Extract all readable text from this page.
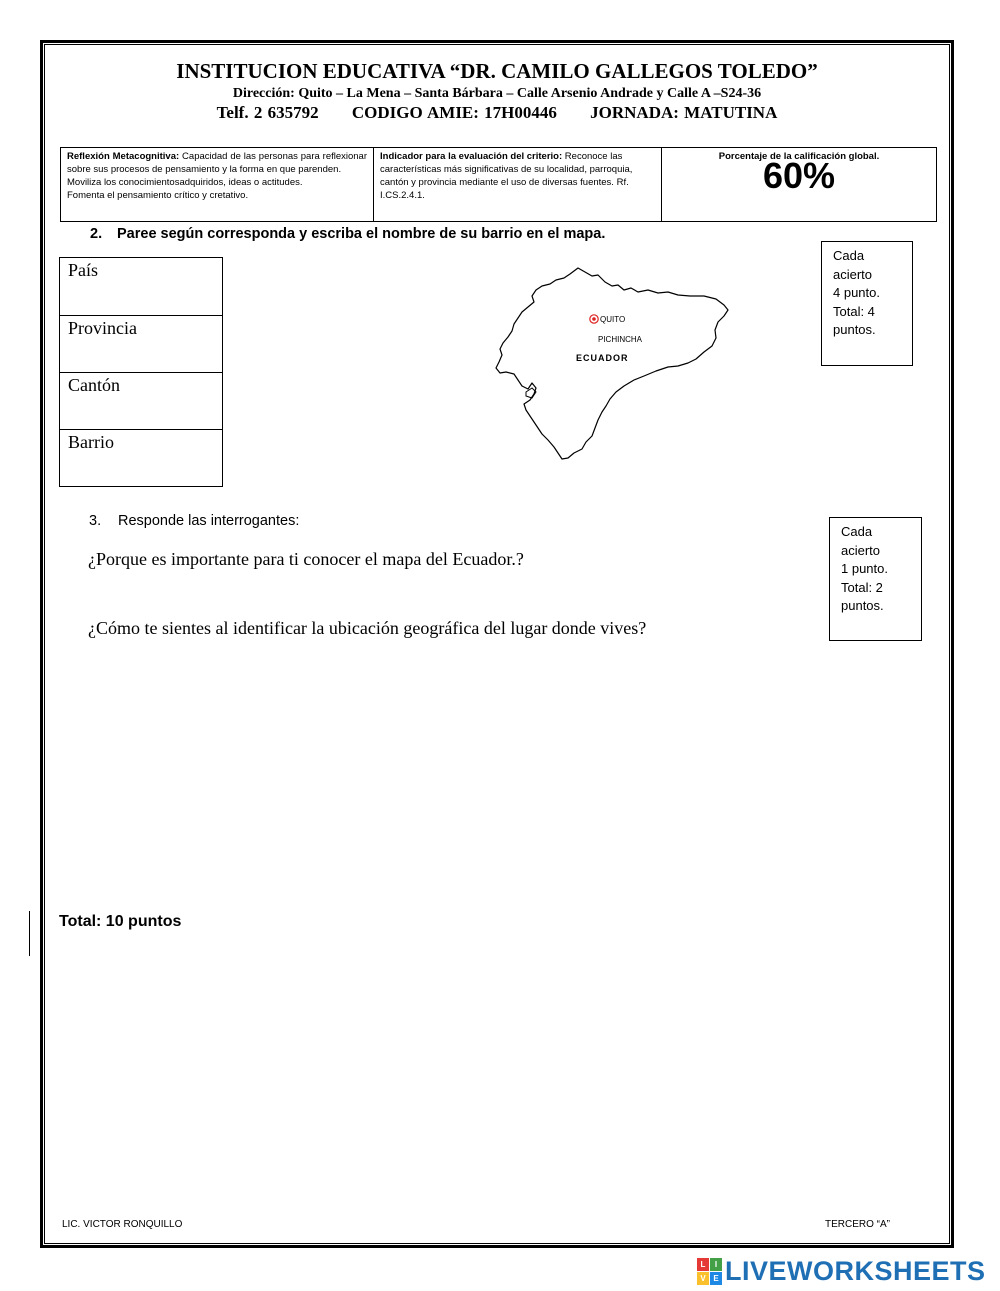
INSTITUCION EDUCATIVA “DR. CAMILO GALLEGOS TOLEDO”
Dirección: Quito – La Mena – Santa Bárbara – Calle Arsenio Andrade y Calle A –S24-36
Telf. 2 635792 CODIGO AMIE: 17H00446 JORNADA: MATUTINA
Reflexión Metacognitiva: Capacidad de las personas para reflexionar sobre sus procesos de pensamiento y la forma en que parenden.
Moviliza los conocimientosadquiridos, ideas o actitudes.
Fomenta el pensamiento crítico y cretativo.
Indicador para la evaluación del criterio: Reconoce las características más significativas de su localidad, parroquia, cantón y provincia mediante el uso de diversas fuentes. Rf. I.CS.2.4.1.
Porcentaje de la calificación global.
60%
2. Paree según corresponda y escriba el nombre de su barrio en el mapa.
País
Provincia
Cantón
Barrio
Cada
acierto
4 punto.
Total: 4
puntos.
QUITO
PICHINCHA
ECUADOR
3. Responde las interrogantes:
¿Porque es importante para ti conocer el mapa del Ecuador.?
¿Cómo te sientes al identificar la ubicación geográfica del lugar donde vives?
Cada
acierto
1 punto.
Total: 2
puntos.
Total: 10 puntos
LIC. VICTOR RONQUILLO	TERCERO “A”
L	I
V E LIVEWORKSHEETS
